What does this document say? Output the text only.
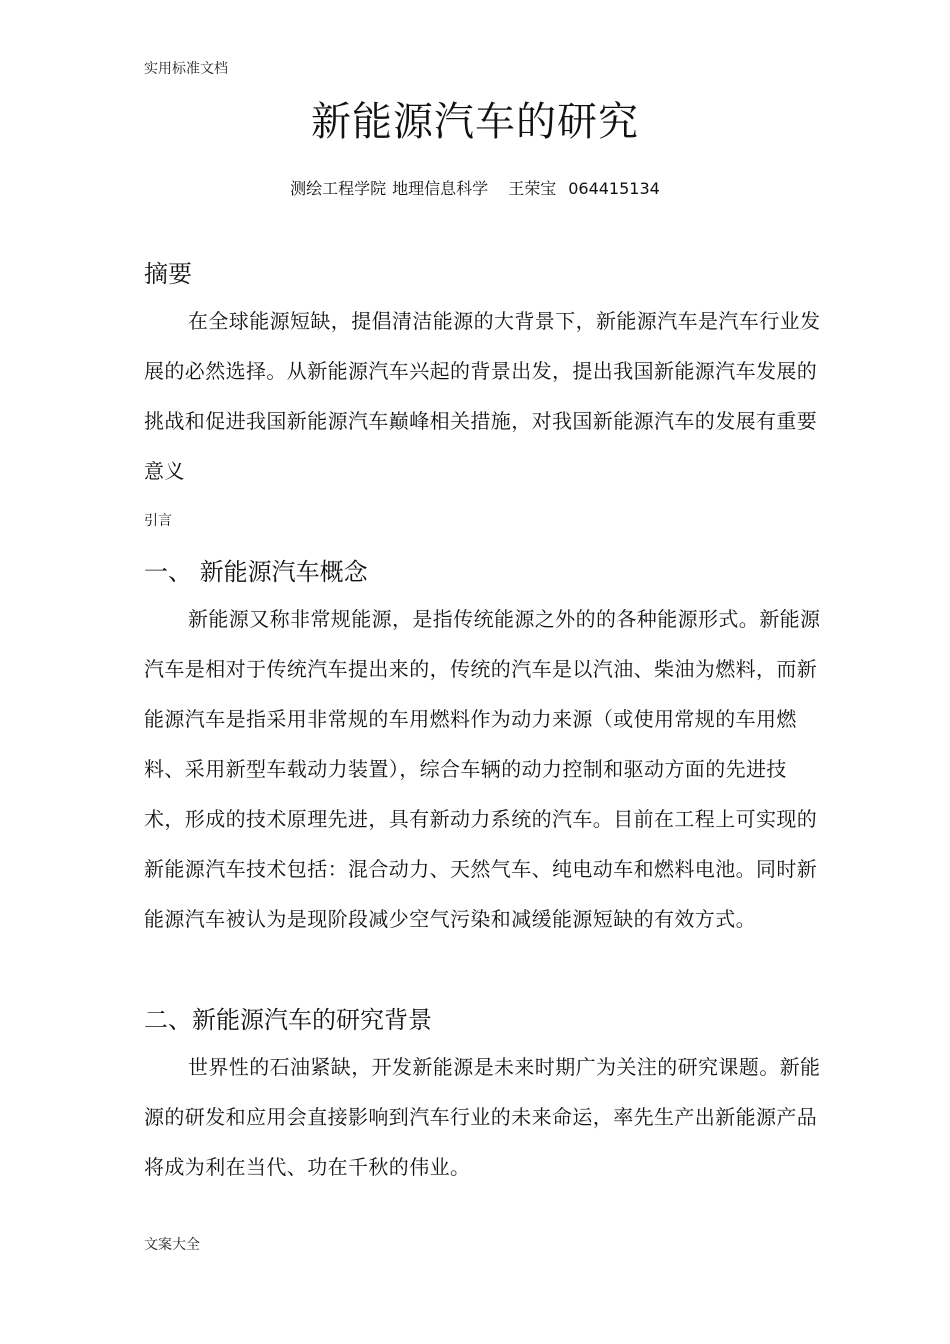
实用标准文档
新能源汽车的研究
测绘工程学院 地理信息科学 王荣宝 064415134
摘要
在全球能源短缺，提倡清洁能源的大背景下，新能源汽车是汽车行业发展的必然选择。从新能源汽车兴起的背景出发，提出我国新能源汽车发展的挑战和促进我国新能源汽车巅峰相关措施，对我国新能源汽车的发展有重要意义
引言
一、 新能源汽车概念
新能源又称非常规能源，是指传统能源之外的的各种能源形式。新能源汽车是相对于传统汽车提出来的，传统的汽车是以汽油、柴油为燃料，而新能源汽车是指采用非常规的车用燃料作为动力来源（或使用常规的车用燃料、采用新型车载动力装置），综合车辆的动力控制和驱动方面的先进技术，形成的技术原理先进，具有新动力系统的汽车。目前在工程上可实现的新能源汽车技术包括：混合动力、天然气车、纯电动车和燃料电池。同时新能源汽车被认为是现阶段减少空气污染和减缓能源短缺的有效方式。
二、新能源汽车的研究背景
世界性的石油紧缺，开发新能源是未来时期广为关注的研究课题。新能源的研发和应用会直接影响到汽车行业的未来命运，率先生产出新能源产品将成为利在当代、功在千秋的伟业。
文案大全
